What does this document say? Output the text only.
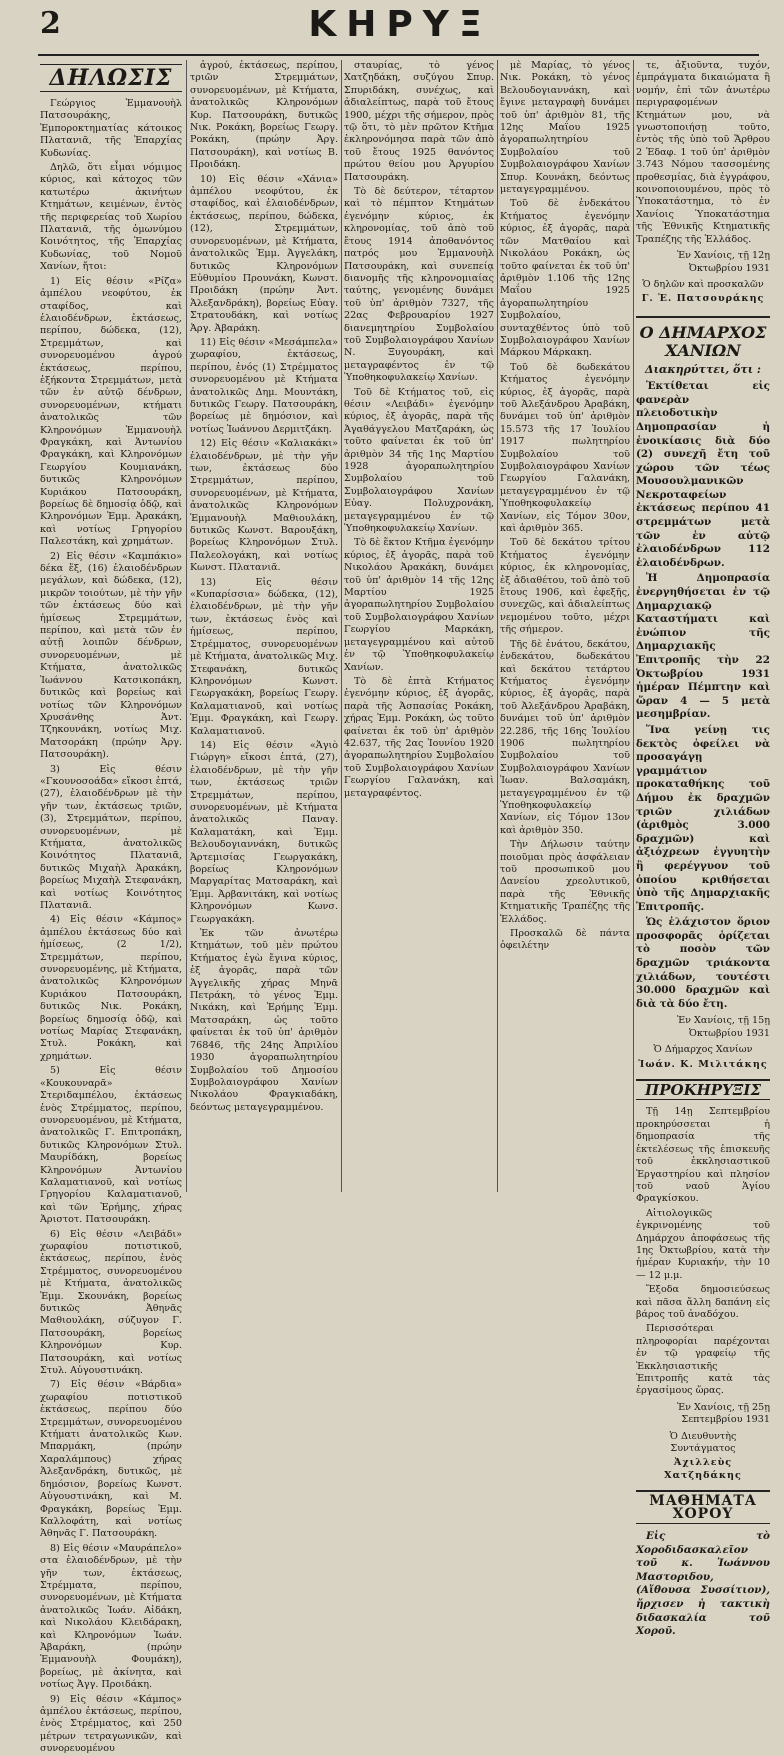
2	ΚΗΡΥΞ
ΔΗΛΩΣΙΣ

Γεώργιος Ἐμμανουὴλ Πατσουράκης, Ἐμποροκτηματίας κάτοικος Πλατανιᾶ, τῆς Ἐπαρχίας Κυδωνίας.

Δηλῶ, ὅτι εἶμαι νόμιμος κύριος, καὶ κάτοχος τῶν κατωτέρω ἀκινήτων Κτημάτων, κειμένων, ἐντὸς τῆς περιφερείας τοῦ Χωρίου Πλατανιᾶ, τῆς ὁμωνύμου Κοινότητος, τῆς Ἐπαρχίας Κυδωνίας, τοῦ Νομοῦ Χανίων, ἤτοι:

1) Εἰς θέσιν «Ρίζα» ἀμπέλου νεοφύτου, ἐκ σταφίδος, καὶ ἐλαιοδένδρων, ἐκτάσεως, περίπου, δώδεκα, (12), Στρεμμάτων, καὶ συνορευομένου ἀγρού ἐκτάσεως, περίπου, ἑξήκοντα Στρεμμάτων, μετὰ τῶν ἐν αὐτῷ δένδρων, συνορευομένων, κτήματι ἀνατολικῶς τῶν Κληρονόμων Ἐμμανουὴλ Φραγκάκη, καὶ Ἀντωνίου Φραγκάκη, καὶ Κληρονόμων Γεωργίου Κουμιανάκη, δυτικῶς Κληρονόμων Κυριάκου Πατσουράκη, βορείως δὲ δημοσίᾳ ὁδῷ, καὶ Κληρονόμων Ἐμμ. Ἀρακάκη, καὶ νοτίως Γρηγορίου Παλεστάκη, καὶ χρημάτων.

2) Εἰς θέσιν «Καμπάκιο» δέκα ἕξ, (16) ἐλαιοδένδρων μεγάλων, καὶ δώδεκα, (12), μικρῶν τοιούτων, μὲ τὴν γῆν τῶν ἐκτάσεως δύο καὶ ἡμίσεως Στρεμμάτων, περίπου, καὶ μετὰ τῶν ἐν αὐτῇ λοιπῶν δένδρων, συνορευομένων, μὲ Κτήματα, ἀνατολικῶς Ἰωάννου Κατσικοπάκη, δυτικῶς καὶ βορείως καὶ νοτίως τῶν Κληρονόμων Χρυσάνθης Ἀντ. Τζηκουνάκη, νοτίως Μιχ. Ματσοράκη (πρώην Ἀργ. Πατσουράκη).

3) Εἰς θέσιν «Γκουνοσοάδα» εἴκοσι ἑπτά, (27), ἐλαιοδένδρων μὲ τὴν γῆν των, ἐκτάσεως τριῶν, (3), Στρεμμάτων, περίπου, συνορευομένων, μὲ Κτήματα, ἀνατολικῶς Κοινότητος Πλατανιᾶ, δυτικῶς Μιχαὴλ Ἀρακάκη, βορείως Μιχαὴλ Στεφανάκη, καὶ νοτίως Κοινότητος Πλατανιᾶ.

4) Εἰς θέσιν «Κάμπος» ἀμπέλου ἐκτάσεως δύο καὶ ἡμίσεως, (2 1/2), Στρεμμάτων, περίπου, συνορευομένης, μὲ Κτήματα, ἀνατολικῶς Κληρονόμων Κυριάκου Πατσουράκη, δυτικῶς Νικ. Ροκάκη, βορείως δημοσίᾳ ὁδῷ, καὶ νοτίως Μαρίας Στεφανάκη, Στυλ. Ροκάκη, καὶ χρημάτων.

5) Εἰς θέσιν «Κουκουναρᾶ» Στεριδαμπέλου, ἐκτάσεως ἑνὸς Στρέμματος, περίπου, συνορευομένου, μὲ Κτήματα, ἀνατολικῶς Γ. Επιτροπάκη, δυτικῶς Κληρονόμων Στυλ. Μαυρίδάκη, βορείως Κληρονόμων Ἀντωνίου Καλαματιανοῦ, καὶ νοτίως Γρηγορίου Καλαματιανοῦ, καὶ τῶν Ἐρήμης, χήρας Ἀριστοτ. Πατσουράκη.

6) Εἰς θέσιν «Λειβάδι» χωραφίου ποτιστικοῦ, ἐκτάσεως, περίπου, ἑνὸς Στρέμματος, συνορευομένου μὲ Κτήματα, ἀνατολικῶς Ἐμμ. Σκουνάκη, βορείως δυτικῶς Ἀθηνᾶς Μαθιουλάκη, σύζυγον Γ. Πατσουράκη, βορείως Κληρονόμων Κυρ. Πατσουράκη, καὶ νοτίως Στυλ. Αὐγουστινάκη.

7) Εἰς θέσιν «Βάρδια» χωραφίου ποτιστικοῦ ἐκτάσεως, περίπου δύο Στρεμμάτων, συνορευομένου Κτήματι ἀνατολικῶς Κων. Μπαρμάκη, (πρώην Χαραλάμπους) χήρας Ἀλεξανδράκη, δυτικῶς, μὲ δημόσιον, βορείως Κωνστ. Αὐγουστινάκη, καὶ Μ. Φραγκάκη, βορείως Ἐμμ. Καλλοφάτη, καὶ νοτίως Ἀθηνᾶς Γ. Πατσουράκη.

8) Εἰς θέσιν «Μαυράπελο» στα ἐλαιοδένδρων, μὲ τὴν γῆν των, ἐκτάσεως, Στρέμματα, περίπου, συνορευομένων, μὲ Κτήματα ἀνατολικῶς Ἰωάν. Αἰδάκη, καὶ Νικολάου Κλειδάρακη, καὶ Κληρονόμων Ἰωάν. Ἀβαράκη, (πρώην Ἐμμανουὴλ Φουμάκη), βορείως, μὲ ἀκίνητα, καὶ νοτίως Ἀγγ. Προιδάκη.

9) Εἰς θέσιν «Κάμπος» ἀμπέλου ἐκτάσεως, περίπου, ἑνὸς Στρέμματος, καὶ 250 μέτρων τετραγωνικῶν, καὶ συνορευομένου

ἀγρού, ἐκτάσεως, περίπου, τριῶν Στρεμμάτων, συνορευομένων, μὲ Κτήματα, ἀνατολικῶς Κληρονόμων Κυρ. Πατσουράκη, δυτικῶς Νικ. Ροκάκη, βορείως Γεωργ. Ροκάκη, (πρώην Ἀργ. Πατσουράκη), καὶ νοτίως Β. Προιδάκη.

10) Εἰς θέσιν «Χάνια» ἀμπέλου νεοφύτου, ἐκ σταφίδος, καὶ ἐλαιοδένδρων, ἐκτάσεως, περίπου, δώδεκα, (12), Στρεμμάτων, συνορευομένων, μὲ Κτήματα, ἀνατολικῶς Ἐμμ. Ἀγγελάκη, δυτικῶς Κληρονόμων Εὐθυμίου Προυνάκη, Κωνστ. Προιδάκη (πρώην Ἀντ. Ἀλεξανδράκη), βορείως Εὐαγ. Στρατουδάκη, καὶ νοτίως Ἀργ. Ἀβαράκη.

11) Εἰς θέσιν «Μεσάμπελα» χωραφίου, ἐκτάσεως, περίπου, ἑνός (1) Στρέμματος συνορευομένου μὲ Κτήματα ἀνατολικῶς Δημ. Μουντάκη, δυτικῶς Γεωργ. Πατσουράκη, βορείως μὲ δημόσιον, καὶ νοτίως Ἰωάννου Δερμιτζάκη.

12) Εἰς θέσιν «Καλιακάκι» ἐλαιοδένδρων, μὲ τὴν γῆν των, ἐκτάσεως δύο Στρεμμάτων, περίπου, συνορευομένων, μὲ Κτήματα, ἀνατολικῶς Κληρονόμων Ἐμμανουὴλ Μαθιουλάκη, δυτικῶς Κωνστ. Βαρουξάκη, βορείως Κληρονόμων Στυλ. Παλεολογάκη, καὶ νοτίως Κωνστ. Πλατανιᾶ.

13) Εἰς θέσιν «Κυπαρίσσια» δώδεκα, (12), ἐλαιοδένδρων, μὲ τὴν γῆν των, ἐκτάσεως ἑνὸς καὶ ἡμίσεως, περίπου, Στρέμματος, συνορευομένων μὲ Κτήματα, ἀνατολικῶς Μιχ. Στεφανάκη, δυτικῶς Κληρονόμων Κωνστ. Γεωργακάκη, βορείως Γεωργ. Καλαματιανοῦ, καὶ νοτίως Ἐμμ. Φραγκάκη, καὶ Γεωργ. Καλαματιανοῦ.

14) Εἰς θέσιν «Ἁγιὸ Γιώργη» εἴκοσι ἑπτά, (27), ἐλαιοδένδρων, μὲ τὴν γῆν των, ἐκτάσεως τριῶν Στρεμμάτων, περίπου, συνορευομένων, μὲ Κτήματα ἀνατολικῶς Παναγ. Καλαματάκη, καὶ Ἐμμ. Βελουδογιαννάκη, δυτικῶς Ἀρτεμισίας Γεωργακάκη, βορείως Κληρονόμων Μαργαρίτας Ματσαράκη, καὶ Ἐμμ. Ἀρβανιτάκη, καὶ νοτίως Κληρονόμων Κωνσ. Γεωργακάκη.

Ἐκ τῶν ἀνωτέρω Κτημάτων, τοῦ μὲν πρώτου Κτήματος ἐγὼ ἔγινα κύριος, ἐξ ἀγορᾶς, παρὰ τῶν Ἀγγελικῆς χήρας Μηνᾶ Πετράκη, τὸ γένος Ἐμμ. Νικάκη, καὶ Ἐρήμης Ἐμμ. Ματσαράκη, ὡς τοῦτο φαίνεται ἐκ τοῦ ὑπ' ἀριθμὸν 76846, τῆς 24ης Ἀπριλίου 1930 ἀγοραπωλητηρίου Συμβολαίου τοῦ Δημοσίου Συμβολαιογράφου Χανίων Νικολάου Φραγκιαδάκη, δεόντως μεταγεγραμμένου.

σταυρίας, τὸ γένος Χατζηδάκη, συζύγου Σπυρ. Σπυριδάκη, συνέχως, καὶ ἀδιαλείπτως, παρὰ τοῦ ἔτους 1900, μέχρι τῆς σήμερον, πρὸς τῷ ὅτι, τὸ μὲν πρῶτον Κτῆμα ἐκληρονόμησα παρὰ τῶν ἀπὸ τοῦ ἔτους 1925 θανόντος πρώτου θείου μου Ἀργυρίου Πατσουράκη.

Τὸ δὲ δεύτερον, τέταρτον καὶ τὸ πέμπτον Κτημάτων ἐγενόμην κύριος, ἐκ κληρονομίας, τοῦ ἀπὸ τοῦ ἔτους 1914 ἀποθανόντος πατρός μου Ἐμμανουὴλ Πατσουράκη, καὶ συνεπείᾳ διανομῆς τῆς κληρονομιαίας ταύτης, γενομένης δυνάμει τοῦ ὑπ' ἀριθμὸν 7327, τῆς 22ας Φεβρουαρίου 1927 διανεμητηρίου Συμβολαίου τοῦ Συμβολαιογράφου Χανίων Ν. Ξυγουράκη, καὶ μεταγραφέντος ἐν τῷ Ὑποθηκοφυλακείῳ Χανίων.

Τοῦ δὲ Κτήματος τοῦ, εἰς θέσιν «Λειβάδι» ἐγενόμην κύριος, ἐξ ἀγορᾶς, παρὰ τῆς Ἀγαθάγγελου Ματζαράκη, ὡς τοῦτο φαίνεται ἐκ τοῦ ὑπ' ἀριθμὸν 34 τῆς 1ης Μαρτίου 1928 ἀγοραπωλητηρίου Συμβολαίου τοῦ Συμβολαιογράφου Χανίων Εὐαγ. Πολυχρονάκη, μεταγεγραμμένου ἐν τῷ Ὑποθηκοφυλακείῳ Χανίων.

Τὸ δὲ ἕκτον Κτῆμα ἐγενόμην κύριος, ἐξ ἀγορᾶς, παρὰ τοῦ Νικολάου Ἀρακάκη, δυνάμει τοῦ ὑπ' ἀριθμὸν 14 τῆς 12ης Μαρτίου 1925 ἀγοραπωλητηρίου Συμβολαίου τοῦ Συμβολαιογράφου Χανίων Γεωργίου Μαρκάκη, μεταγεγραμμένου καὶ αὐτοῦ ἐν τῷ Ὑποθηκοφυλακείῳ Χανίων.

Τὸ δὲ ἑπτὰ Κτήματος ἐγενόμην κύριος, ἐξ ἀγορᾶς, παρὰ τῆς Ἀσπασίας Ροκάκη, χήρας Ἐμμ. Ροκάκη, ὡς τοῦτο φαίνεται ἐκ τοῦ ὑπ' ἀριθμὸν 42.637, τῆς 2ας Ἰουνίου 1920 ἀγοραπωλητηρίου Συμβολαίου τοῦ Συμβολαιογράφου Χανίων Γεωργίου Γαλανάκη, καὶ μεταγραφέντος.

μὲ Μαρίας, τὸ γένος Νικ. Ροκάκη, τὸ γένος Βελουδογιαννάκη, καὶ ἔγινε μεταγραφὴ δυνάμει τοῦ ὑπ' ἀριθμὸν 81, τῆς 12ης Μαΐου 1925 ἀγοραπωλητηρίου Συμβολαίου τοῦ Συμβολαιογράφου Χανίων Σπυρ. Κουνάκη, δεόντως μεταγεγραμμένου.

Τοῦ δὲ ἑνδεκάτου Κτήματος ἐγενόμην κύριος, ἐξ ἀγορᾶς, παρὰ τῶν Ματθαίου καὶ Νικολάου Ροκάκη, ὡς τοῦτο φαίνεται ἐκ τοῦ ὑπ' ἀριθμὸν 1.106 τῆς 12ης Μαΐου 1925 ἀγοραπωλητηρίου Συμβολαίου, συνταχθέντος ὑπὸ τοῦ Συμβολαιογράφου Χανίων Μάρκου Μάρκακη.

Τοῦ δὲ δωδεκάτου Κτήματος ἐγενόμην κύριος, ἐξ ἀγορᾶς, παρὰ τοῦ Ἀλεξάνδρου Ἀραβάκη, δυνάμει τοῦ ὑπ' ἀριθμὸν 15.573 τῆς 17 Ἰουλίου 1917 πωλητηρίου Συμβολαίου τοῦ Συμβολαιογράφου Χανίων Γεωργίου Γαλανάκη, μεταγεγραμμένου ἐν τῷ Ὑποθηκοφυλακείῳ Χανίων, εἰς Τόμον 30ον, καὶ ἀριθμὸν 365.

Τοῦ δὲ δεκάτου τρίτου Κτήματος ἐγενόμην κύριος, ἐκ κληρονομίας, ἐξ ἀδιαθέτου, τοῦ ἀπὸ τοῦ ἔτους 1906, καὶ ἐφεξῆς, συνεχῶς, καὶ ἀδιαλείπτως νεμομένου τοῦτο, μέχρι τῆς σήμερον.

Τῆς δὲ ἐνάτου, δεκάτου, ἑνδεκάτου, δωδεκάτου καὶ δεκάτου τετάρτου Κτήματος ἐγενόμην κύριος, ἐξ ἀγορᾶς, παρὰ τοῦ Ἀλεξάνδρου Ἀραβάκη, δυνάμει τοῦ ὑπ' ἀριθμὸν 22.286, τῆς 16ης Ἰουλίου 1906 πωλητηρίου Συμβολαίου τοῦ Συμβολαιογράφου Χανίων Ἰωαν. Βαλσαμάκη, μεταγεγραμμένου ἐν τῷ Ὑποθηκοφυλακείῳ Χανίων, εἰς Τόμον 13ον καὶ ἀριθμὸν 350.

Τὴν Δήλωσιν ταύτην ποιοῦμαι πρὸς ἀσφάλειαν τοῦ προσωπικοῦ μου Δανείου χρεολυτικοῦ, παρὰ τῆς Ἐθνικῆς Κτηματικῆς Τραπέζης τῆς Ἑλλάδος.

Προσκαλῶ δὲ πάντα ὀφειλέτην

τε, ἀξιοῦντα, τυχόν, ἐμπράγματα δικαιώματα ἢ νομήν, ἐπὶ τῶν ἀνωτέρω περιγραφομένων Κτημάτων μου, νὰ γνωστοποιήσῃ τοῦτο, ἐντὸς τῆς ὑπὸ τοῦ Ἄρθρου 2 Ἐδαφ. 1 τοῦ ὑπ' ἀριθμὸν 3.743 Νόμου τασσομένης προθεσμίας, διὰ ἐγγράφου, κοινοποιουμένου, πρὸς τὸ Ὑποκατάστημα, τὸ ἐν Χανίοις Ὑποκατάστημα τῆς Ἐθνικῆς Κτηματικῆς Τραπέζης τῆς Ἑλλάδος.

Ἐν Χανίοις, τῇ 12ῃ Ὀκτωβρίου 1931
Ὁ δηλῶν καὶ προσκαλῶν
Γ. Ἐ. Πατσουράκης
Ο ΔΗΜΑΡΧΟΣ ΧΑΝΙΩΝ
Διακηρύττει, ὅτι :

Ἐκτίθεται εἰς φανερὰν πλειοδοτικὴν Δημοπρασίαν ἡ ἐνοικίασις διὰ δύο (2) συνεχῆ ἔτη τοῦ χώρου τῶν τέως Μουσουλμανικῶν Νεκροταφείων ἐκτάσεως περίπου 41 στρεμμάτων μετὰ τῶν ἐν αὐτῷ ἐλαιοδένδρων 112 ἐλαιοδένδρων.

Ἡ Δημοπρασία ἐνεργηθήσεται ἐν τῷ Δημαρχιακῷ Καταστήματι καὶ ἐνώπιον τῆς Δημαρχιακῆς Ἐπιτροπῆς τὴν 22 Ὀκτωβρίου 1931 ἡμέραν Πέμπτην καὶ ὥραν 4 — 5 μετὰ μεσημβρίαν.

Ἵνα γείνῃ τις δεκτὸς ὀφείλει νὰ προσαγάγῃ γραμμάτιον προκαταθήκης τοῦ Δήμου ἐκ δραχμῶν τριῶν χιλιάδων (ἀριθμὸς 3.000 δραχμῶν) καὶ ἀξιόχρεων ἐγγυητὴν ἢ φερέγγυον τοῦ ὁποίου κριθήσεται ὑπὸ τῆς Δημαρχιακῆς Ἐπιτροπῆς.

Ὡς ἐλάχιστον ὅριον προσφορᾶς ὁρίζεται τὸ ποσὸν τῶν δραχμῶν τριάκοντα χιλιάδων, τουτέστι 30.000 δραχμῶν καὶ διὰ τὰ δύο ἔτη.

Ἐν Χανίοις, τῇ 15ῃ Ὀκτωβρίου 1931
Ὁ Δήμαρχος Χανίων
Ἰωάν. Κ. Μιλιτάκης
ΠΡΟΚΗΡΥΞΙΣ

Τῇ 14ῃ Σεπτεμβρίου προκηρύσσεται ἡ δημοπρασία τῆς ἐκτελέσεως τῆς ἐπισκευῆς τοῦ ἐκκλησιαστικοῦ Ἐργαστηρίου καὶ πλησίον τοῦ ναοῦ Ἁγίου Φραγκίσκου.

Αἰτιολογικῶς ἐγκρινομένης τοῦ Δημάρχου ἀποφάσεως τῆς 1ης Ὀκτωβρίου, κατὰ τὴν ἡμέραν Κυριακήν, τὴν 10 — 12 μ.μ.

Ἔξοδα δημοσιεύσεως καὶ πᾶσα ἄλλη δαπάνη εἰς βάρος τοῦ ἀναδόχου.

Περισσότεραι πληροφορίαι παρέχονται ἐν τῷ γραφείῳ τῆς Ἐκκλησιαστικῆς Ἐπιτροπῆς κατὰ τὰς ἐργασίμους ὥρας.

Ἐν Χανίοις, τῇ 25ῃ Σεπτεμβρίου 1931
Ὁ Διευθυντὴς Συντάγματος
Ἀχιλλεὺς Χατζηδάκης
ΜΑΘΗΜΑΤΑ ΧΟΡΟΥ

Εἰς τὸ Χοροδιδασκαλεῖον τοῦ κ. Ἰωάννου Μαστοριδου, (Αἴθουσα Συσσίτιον), ἤρχισεν ἡ τακτικὴ διδασκαλία τοῦ Χοροῦ.
